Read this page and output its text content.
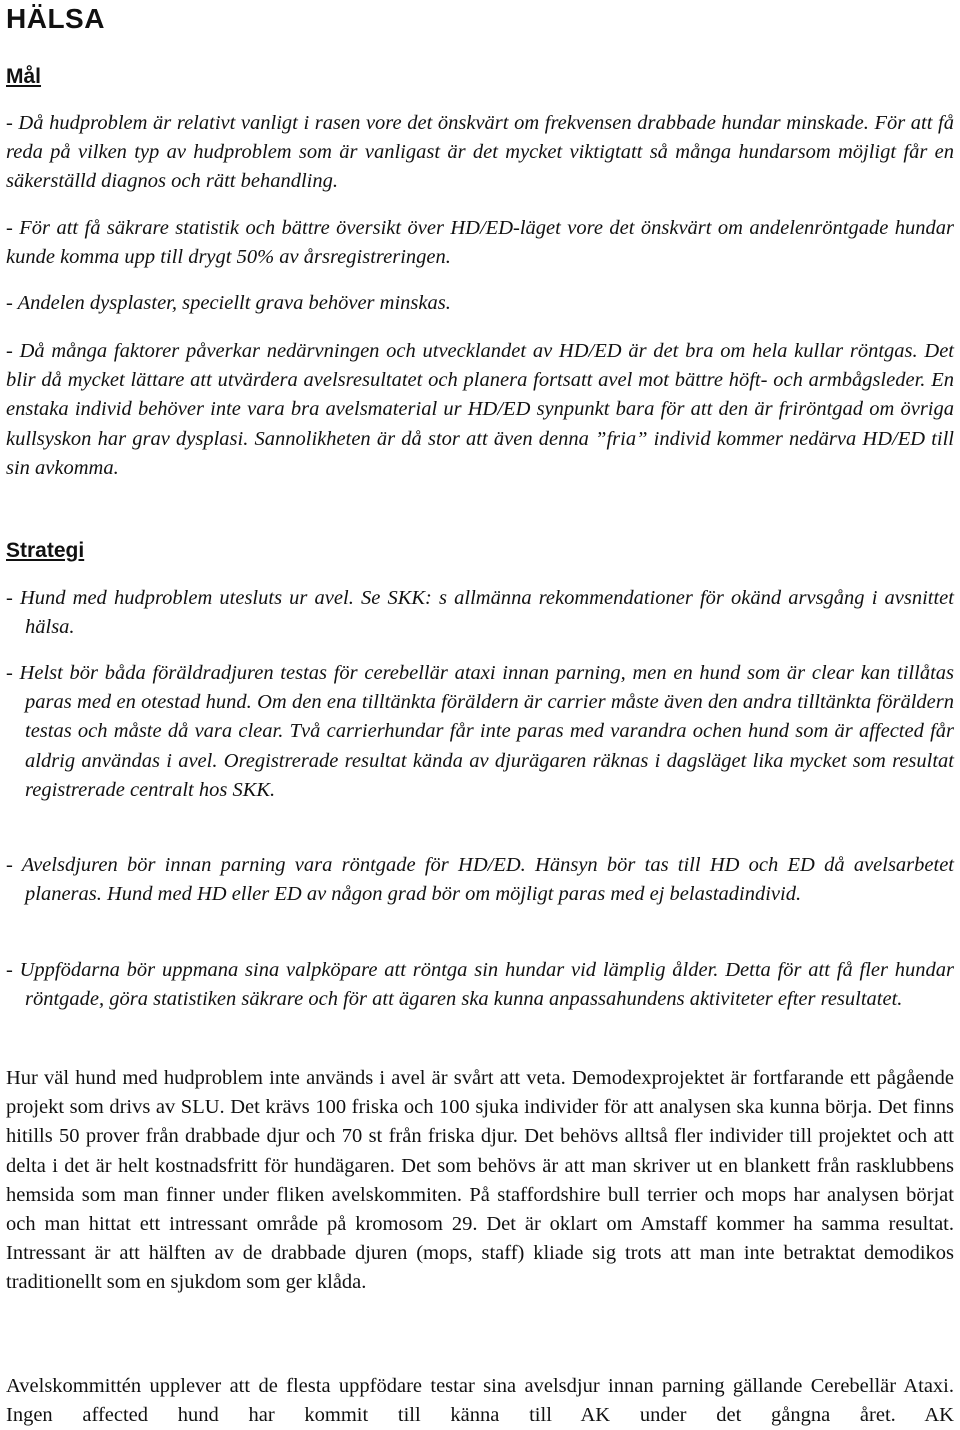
HÄLSA
Mål

- Då hudproblem är relativt vanligt i rasen vore det önskvärt om frekvensen drabbade hundar minskade. För att få reda på vilken typ av hudproblem som är vanligast är det mycket viktigtatt så många hundarsom möjligt får en säkerställd diagnos och rätt behandling.

- För att få säkrare statistik och bättre översikt över HD/ED-läget vore det önskvärt om andelenröntgade hundar kunde komma upp till drygt 50% av årsregistreringen.

- Andelen dysplaster, speciellt grava behöver minskas.

- Då många faktorer påverkar nedärvningen och utvecklandet av HD/ED är det bra om hela kullar röntgas. Det blir då mycket lättare att utvärdera avelsresultatet och planera fortsatt avel mot bättre höft- och armbågsleder. En enstaka individ behöver inte vara bra avelsmaterial ur HD/ED synpunkt bara för att den är friröntgad om övriga kullsyskon har grav dysplasi. Sannolikheten är då stor att även denna ”fria” individ kommer nedärva HD/ED till sin avkomma.

Strategi

- Hund med hudproblem utesluts ur avel. Se SKK: s allmänna rekommendationer för okänd arvsgång i avsnittet hälsa.

- Helst bör båda föräldradjuren testas för cerebellär ataxi innan parning, men en hund som är clear kan tillåtas paras med en otestad hund. Om den ena tilltänkta föräldern är carrier måste även den andra tilltänkta föräldern testas och måste då vara clear. Två carrierhundar får inte paras med varandra ochen hund som är affected får aldrig användas i avel. Oregistrerade resultat kända av djurägaren räknas i dagsläget lika mycket som resultat registrerade centralt hos SKK.

- Avelsdjuren bör innan parning vara röntgade för HD/ED. Hänsyn bör tas till HD och ED då avelsarbetet planeras. Hund med HD eller ED av någon grad bör om möjligt paras med ej belastadindivid.

- Uppfödarna bör uppmana sina valpköpare att röntga sin hundar vid lämplig ålder. Detta för att få fler hundar röntgade, göra statistiken säkrare och för att ägaren ska kunna anpassahundens aktiviteter efter resultatet.

Hur väl hund med hudproblem inte används i avel är svårt att veta. Demodexprojektet är fortfarande ett pågående projekt som drivs av SLU. Det krävs 100 friska och 100 sjuka individer för att analysen ska kunna börja. Det finns hitills 50 prover från drabbade djur och 70 st från friska djur. Det behövs alltså fler individer till projektet och att delta i det är helt kostnadsfritt för hundägaren. Det som behövs är att man skriver ut en blankett från rasklubbens hemsida som man finner under fliken avelskommiten. På staffordshire bull terrier och mops har analysen börjat och man hittat ett intressant område på kromosom 29. Det är oklart om Amstaff kommer ha samma resultat. Intressant är att hälften av de drabbade djuren (mops, staff) kliade sig trots att man inte betraktat demodikos traditionellt som en sjukdom som ger klåda.

Avelskommittén upplever att de flesta uppfödare testar sina avelsdjur innan parning gällande Cerebellär Ataxi. Ingen affected hund har kommit till känna till AK under det gångna året. AK
